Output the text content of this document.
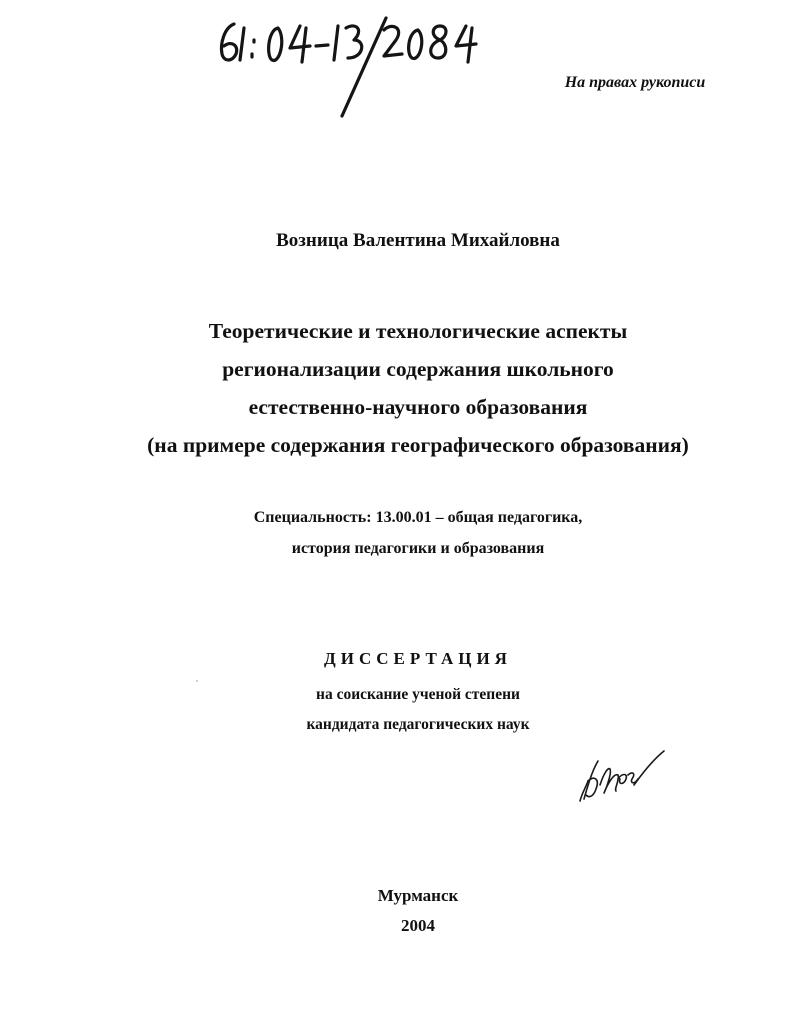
На правах рукописи
Возница Валентина Михайловна
Теоретические и технологические аспекты
регионализации содержания школьного
естественно-научного образования
(на примере содержания географического образования)
Специальность: 13.00.01 – общая педагогика,
история педагогики и образования
ДИССЕРТАЦИЯ
на соискание ученой степени
кандидата педагогических наук
Мурманск
2004
